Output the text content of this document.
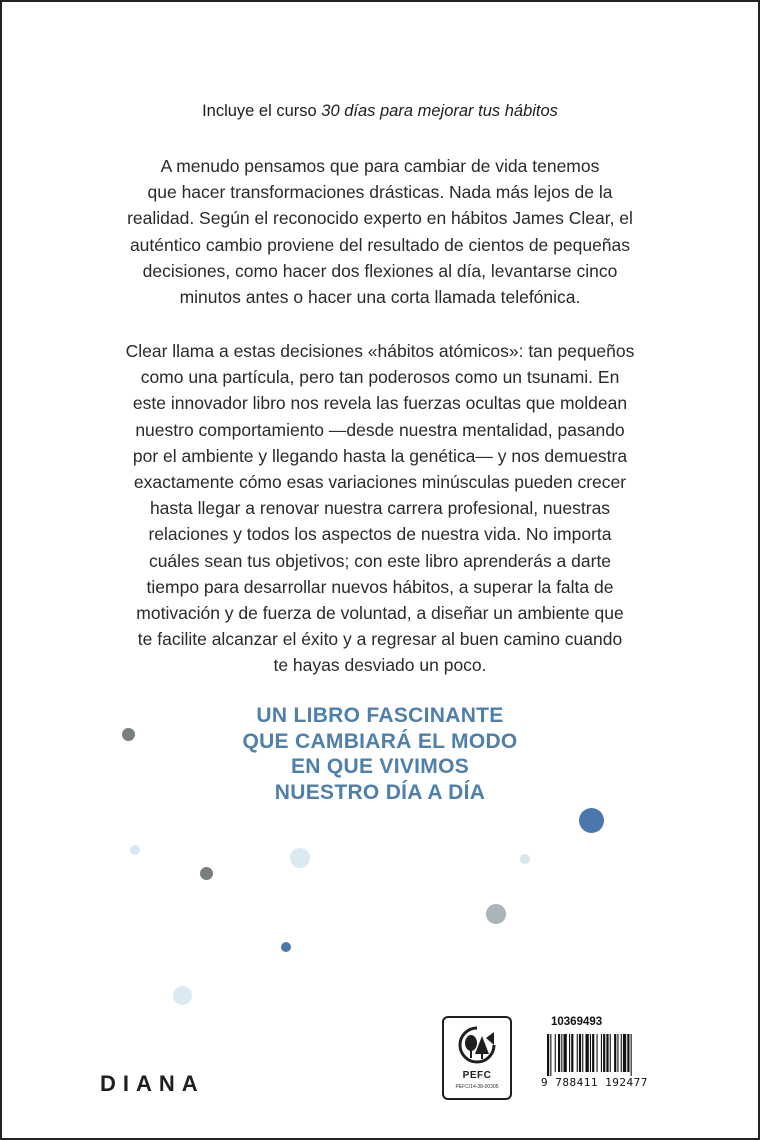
Incluye el curso 30 días para mejorar tus hábitos
A menudo pensamos que para cambiar de vida tenemos
que hacer transformaciones drásticas. Nada más lejos de la
realidad. Según el reconocido experto en hábitos James Clear, el
auténtico cambio proviene del resultado de cientos de pequeñas
decisiones, como hacer dos flexiones al día, levantarse cinco
minutos antes o hacer una corta llamada telefónica.
Clear llama a estas decisiones «hábitos atómicos»: tan pequeños
como una partícula, pero tan poderosos como un tsunami. En
este innovador libro nos revela las fuerzas ocultas que moldean
nuestro comportamiento —desde nuestra mentalidad, pasando
por el ambiente y llegando hasta la genética— y nos demuestra
exactamente cómo esas variaciones minúsculas pueden crecer
hasta llegar a renovar nuestra carrera profesional, nuestras
relaciones y todos los aspectos de nuestra vida. No importa
cuáles sean tus objetivos; con este libro aprenderás a darte
tiempo para desarrollar nuevos hábitos, a superar la falta de
motivación y de fuerza de voluntad, a diseñar un ambiente que
te facilite alcanzar el éxito y a regresar al buen camino cuando
te hayas desviado un poco.
UN LIBRO FASCINANTE
QUE CAMBIARÁ EL MODO
EN QUE VIVIMOS
NUESTRO DÍA A DÍA
DIANA	PEFC
PEFC/14-38-00305
10369493
9 788411 192477
